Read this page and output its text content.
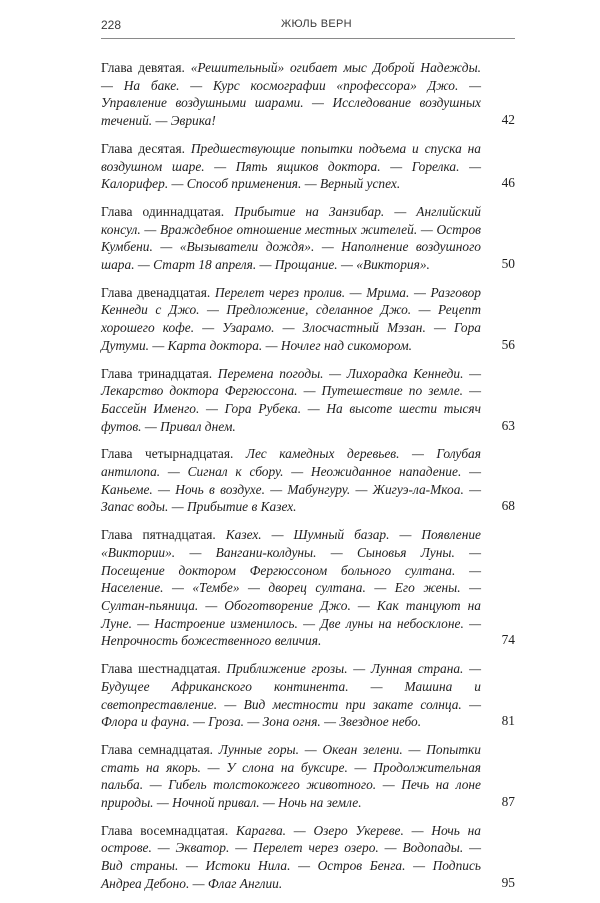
228	ЖЮЛЬ ВЕРН
Глава девятая. «Решительный» огибает мыс Доброй Надежды. — На баке. — Курс космографии «профессора» Джо. — Управление воздушными шарами. — Исследование воздушных течений. — Эврика!	42
Глава десятая. Предшествующие попытки подъема и спуска на воздушном шаре. — Пять ящиков доктора. — Горелка. — Калорифер. — Способ применения. — Верный успех.	46
Глава одиннадцатая. Прибытие на Занзибар. — Английский консул. — Враждебное отношение местных жителей. — Остров Кумбени. — «Вызыватели дождя». — Наполнение воздушного шара. — Старт 18 апреля. — Прощание. — «Виктория».	50
Глава двенадцатая. Перелет через пролив. — Мрима. — Разговор Кеннеди с Джо. — Предложение, сделанное Джо. — Рецепт хорошего кофе. — Узарамо. — Злосчастный Мэзан. — Гора Дутуми. — Карта доктора. — Ночлег над сикомором.	56
Глава тринадцатая. Перемена погоды. — Лихорадка Кеннеди. — Лекарство доктора Фергюссона. — Путешествие по земле. — Бассейн Именго. — Гора Рубека. — На высоте шести тысяч футов. — Привал днем.	63
Глава четырнадцатая. Лес камедных деревьев. — Голубая антилопа. — Сигнал к сбору. — Неожиданное нападение. — Каньеме. — Ночь в воздухе. — Мабунгуру. — Жигуэ-ла-Мкоа. — Запас воды. — Прибытие в Казех.	68
Глава пятнадцатая. Казех. — Шумный базар. — Появление «Виктории». — Вангани-колдуны. — Сыновья Луны. — Посещение доктором Фергюссоном больного султана. — Население. — «Тембе» — дворец султана. — Его жены. — Султан-пьяница. — Обоготворение Джо. — Как танцуют на Луне. — Настроение изменилось. — Две луны на небосклоне. — Непрочность божественного величия.	74
Глава шестнадцатая. Приближение грозы. — Лунная страна. — Будущее Африканского континента. — Машина и светопреставление. — Вид местности при закате солнца. — Флора и фауна. — Гроза. — Зона огня. — Звездное небо.	81
Глава семнадцатая. Лунные горы. — Океан зелени. — Попытки стать на якорь. — У слона на буксире. — Продолжительная пальба. — Гибель толстокожего животного. — Печь на лоне природы. — Ночной привал. — Ночь на земле.	87
Глава восемнадцатая. Карагва. — Озеро Укереве. — Ночь на острове. — Экватор. — Перелет через озеро. — Водопады. — Вид страны. — Истоки Нила. — Остров Бенга. — Подпись Андреа Дебоно. — Флаг Англии.	95
